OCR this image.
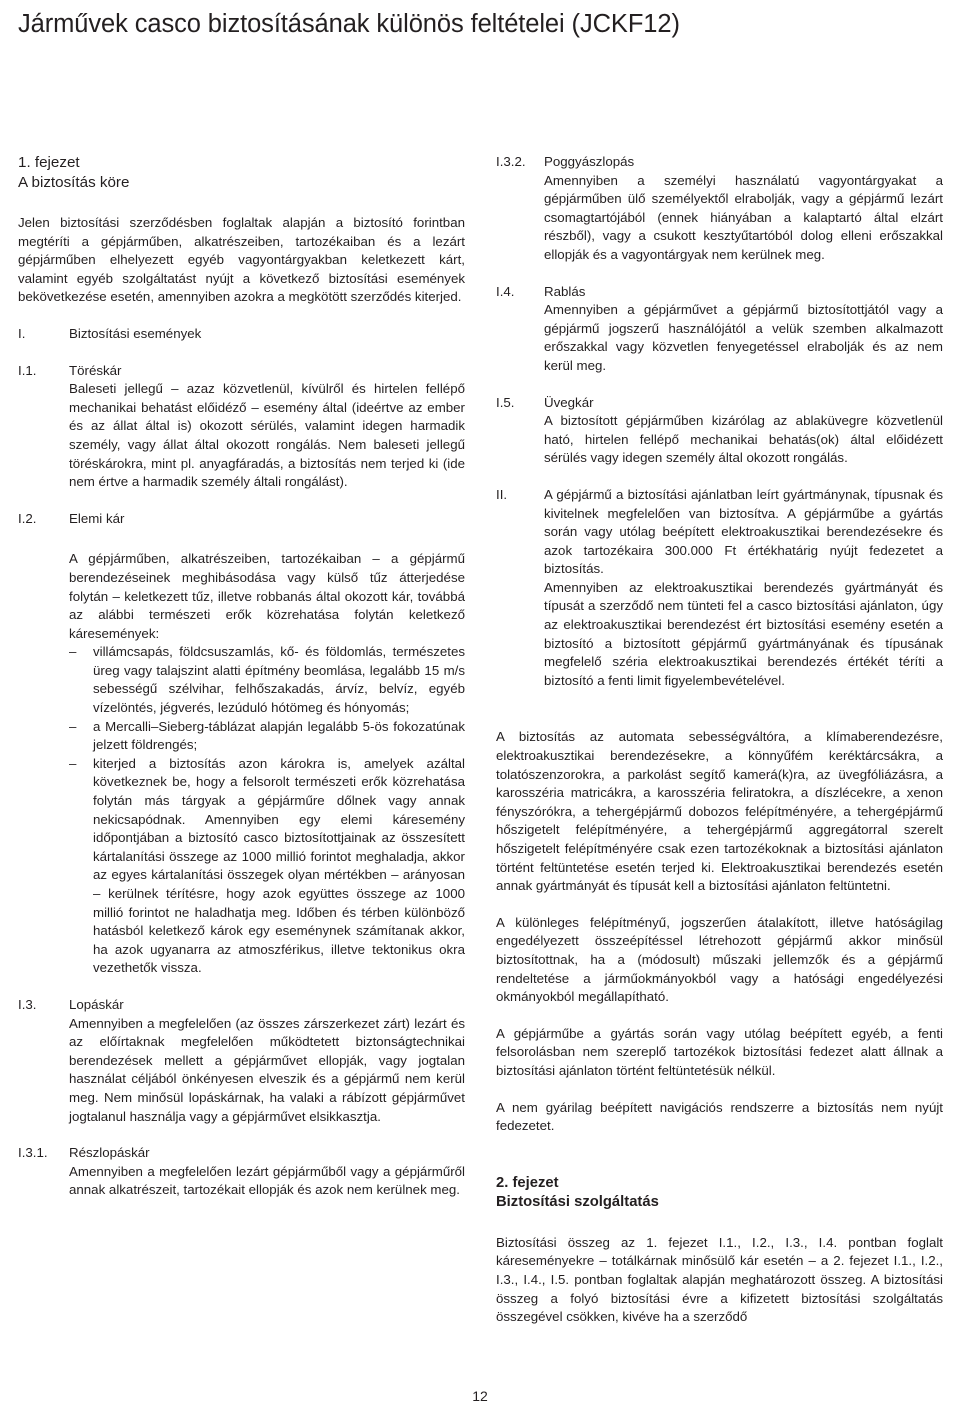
Járművek casco biztosításának különös feltételei (JCKF12)
1. fejezet
A biztosítás köre

Jelen biztosítási szerződésben foglaltak alapján a biztosító forintban megtéríti a gépjárműben, alkatrészeiben, tartozékaiban és a lezárt gépjárműben elhelyezett egyéb vagyontárgyakban keletkezett kárt, valamint egyéb szolgáltatást nyújt a következő biztosítási események bekövetkezése esetén, amennyiben azokra a megkötött szerződés kiterjed.

I.	Biztosítási események
I.1.	Töréskár

Baleseti jellegű – azaz közvetlenül, kívülről és hirtelen fellépő mechanikai behatást előidéző – esemény által (ideértve az ember és az állat által is) okozott sérülés, valamint idegen harmadik személy, vagy állat által okozott rongálás. Nem baleseti jellegű töréskárokra, mint pl. anyagfáradás, a biztosítás nem terjed ki (ide nem értve a harmadik személy általi rongálást).

I.2.	Elemi kár

A gépjárműben, alkatrészeiben, tartozékaiban – a gépjármű berendezéseinek meghibásodása vagy külső tűz átterjedése folytán – keletkezett tűz, illetve robbanás által okozott kár, továbbá az alábbi természeti erők közrehatása folytán keletkező káresemények:

–

villámcsapás, földcsuszamlás, kő- és földomlás, természetes üreg vagy talajszint alatti építmény beomlása, legalább 15 m/s sebességű szélvihar, felhőszakadás, árvíz, belvíz, egyéb vízelöntés, jégverés, lezúduló hótömeg és hónyomás;

–

a Mercalli–Sieberg-táblázat alapján legalább 5-ös fokozatúnak jelzett földrengés;

–

kiterjed a biztosítás azon károkra is, amelyek azáltal következnek be, hogy a felsorolt természeti erők közrehatása folytán más tárgyak a gépjárműre dőlnek vagy annak nekicsapódnak. Amennyiben egy elemi káresemény időpontjában a biztosító casco biztosítottjainak az összesített kártalanítási összege az 1000 millió forintot meghaladja, akkor az egyes kártalanítási összegek olyan mértékben – arányosan – kerülnek térítésre, hogy azok együttes összege az 1000 millió forintot ne haladhatja meg. Időben és térben különböző hatásból keletkező károk egy eseménynek számítanak akkor, ha azok ugyanarra az atmoszférikus, illetve tektonikus okra vezethetők vissza.

I.3.	Lopáskár

Amennyiben a megfelelően (az összes zárszerkezet zárt) lezárt és az előírtaknak megfelelően működtetett biztonságtechnikai berendezések mellett a gépjárművet ellopják, vagy jogtalan használat céljából önkényesen elveszik és a gépjármű nem kerül meg. Nem minősül lopáskárnak, ha valaki a rábízott gépjárművet jogtalanul használja vagy a gépjárművet elsikkasztja.

I.3.1.	Részlopáskár

Amennyiben a megfelelően lezárt gépjárműből vagy a gépjárműről annak alkatrészeit, tartozékait ellopják és azok nem kerülnek meg.

I.3.2.	Poggyászlopás

Amennyiben a személyi használatú vagyontárgyakat a gépjárműben ülő személyektől elrabolják, vagy a gépjármű lezárt csomagtartójából (ennek hiányában a kalaptartó által elzárt részből), vagy a csukott kesztyűtartóból dolog elleni erőszakkal ellopják és a vagyontárgyak nem kerülnek meg.

I.4.	Rablás

Amennyiben a gépjárművet a gépjármű biztosítottjától vagy a gépjármű jogszerű használójától a velük szemben alkalmazott erőszakkal vagy közvetlen fenyegetéssel elrabolják és az nem kerül meg.

I.5.	Üvegkár

A biztosított gépjárműben kizárólag az ablaküvegre közvetlenül ható, hirtelen fellépő mechanikai behatás(ok) által előidézett sérülés vagy idegen személy által okozott rongálás.

II.	A gépjármű a biztosítási ajánlatban leírt gyártmánynak, típusnak és kivitelnek megfelelően van biztosítva. A gépjárműbe a gyártás során vagy utólag beépített elektroakusztikai berendezésekre és azok tartozékaira 300.000 Ft értékhatárig nyújt fedezetet a biztosítás.

Amennyiben az elektroakusztikai berendezés gyártmányát és típusát a szerződő nem tünteti fel a casco biztosítási ajánlaton, úgy az elektroakusztikai berendezést ért biztosítási esemény esetén a biztosító a biztosított gépjármű gyártmányának és típusának megfelelő széria elektroakusztikai berendezés értékét téríti a biztosító a fenti limit figyelembevételével.

A biztosítás az automata sebességváltóra, a klímaberendezésre, elektroakusztikai berendezésekre, a könnyűfém keréktárcsákra, a tolatószenzorokra, a parkolást segítő kamerá(k)ra, az üvegfóliázásra, a karosszéria matricákra, a karosszéria feliratokra, a díszlécekre, a xenon fényszórókra, a tehergépjármű dobozos felépítményére, a tehergépjármű hőszigetelt felépítményére, a tehergépjármű aggregátorral szerelt hőszigetelt felépítményére csak ezen tartozékoknak a biztosítási ajánlaton történt feltüntetése esetén terjed ki. Elektroakusztikai berendezés esetén annak gyártmányát és típusát kell a biztosítási ajánlaton feltüntetni.

A különleges felépítményű, jogszerűen átalakított, illetve hatóságilag engedélyezett összeépítéssel létrehozott gépjármű akkor minősül biztosítottnak, ha a (módosult) műszaki jellemzők és a gépjármű rendeltetése a járműokmányokból vagy a hatósági engedélyezési okmányokból megállapítható.

A gépjárműbe a gyártás során vagy utólag beépített egyéb, a fenti felsorolásban nem szereplő tartozékok biztosítási fedezet alatt állnak a biztosítási ajánlaton történt feltüntetésük nélkül.

A nem gyárilag beépített navigációs rendszerre a biztosítás nem nyújt fedezetet.

2. fejezet
Biztosítási szolgáltatás

Biztosítási összeg az 1. fejezet I.1., I.2., I.3., I.4. pontban foglalt káreseményekre – totálkárnak minősülő kár esetén – a 2. fejezet I.1., I.2., I.3., I.4., I.5. pontban foglaltak alapján meghatározott összeg. A biztosítási összeg a folyó biztosítási évre a kifizetett biztosítási szolgáltatás összegével csökken, kivéve ha a szerződő

12
